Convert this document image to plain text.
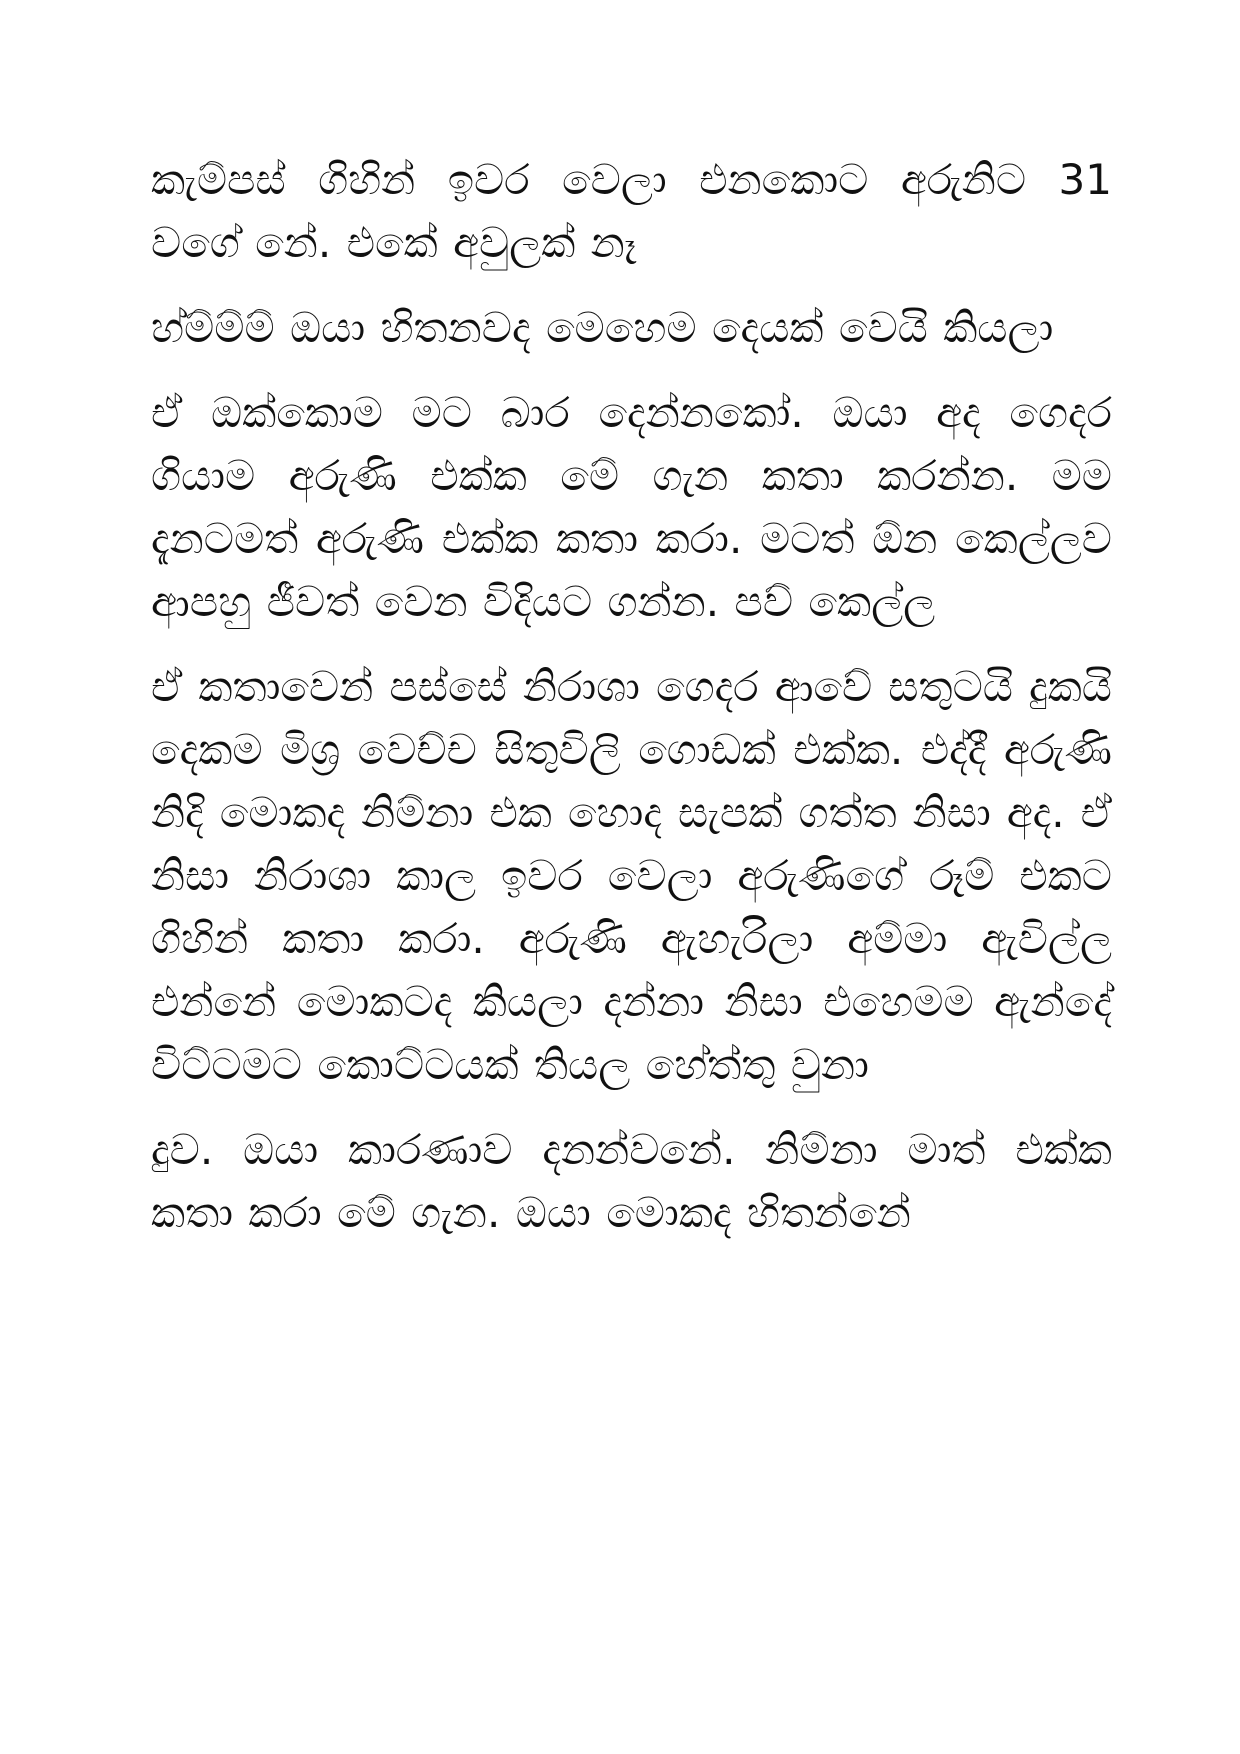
කැම්පස් ගිහින් ඉවර වෙලා එනකොට අරුනිට 31 වගේ නේ. එකේ අවුලක් නෑ

හ්ම්ම්ම් ඔයා හිතනවද මෙහෙම දෙයක් වෙයි කියලා

ඒ ඔක්කොම මට බාර දෙන්නකෝ. ඔයා අද ගෙදර ගියාම අරුණි එක්ක මේ ගැන කතා කරන්න. මම දැනටමත් අරුණි එක්ක කතා කරා. මටත් ඕන කෙල්ලව ආපහු ජීවත් වෙන විදියට ගන්න. පව් කෙල්ල

ඒ කතාවෙන් පස්සේ නිරාශා ගෙදර ආවේ සතුටයි දුකයි දෙකම මිශ්‍ර වෙච්ච සිතුවිලි ගොඩක් එක්ක. එද්දී අරුණි නිදි මොකද නිම්නා එක හොද සැපක් ගත්ත නිසා අද. ඒ නිසා නිරාශා කාල ඉවර වෙලා අරුණිගේ රූම් එකට ගිහින් කතා කරා. අරුණි ඇහැරිලා අම්මා ඇවිල්ල එන්නේ මොකටද කියලා දන්නා නිසා එහෙමම ඇන්දේ විට්ටමට කොට්ටයක් තියල හේත්තු වුනා

දුව. ඔයා කාරණාව දනන්වනේ. නිම්නා මාත් එක්ක කතා කරා මේ ගැන. ඔයා මොකද හිතන්නේ
